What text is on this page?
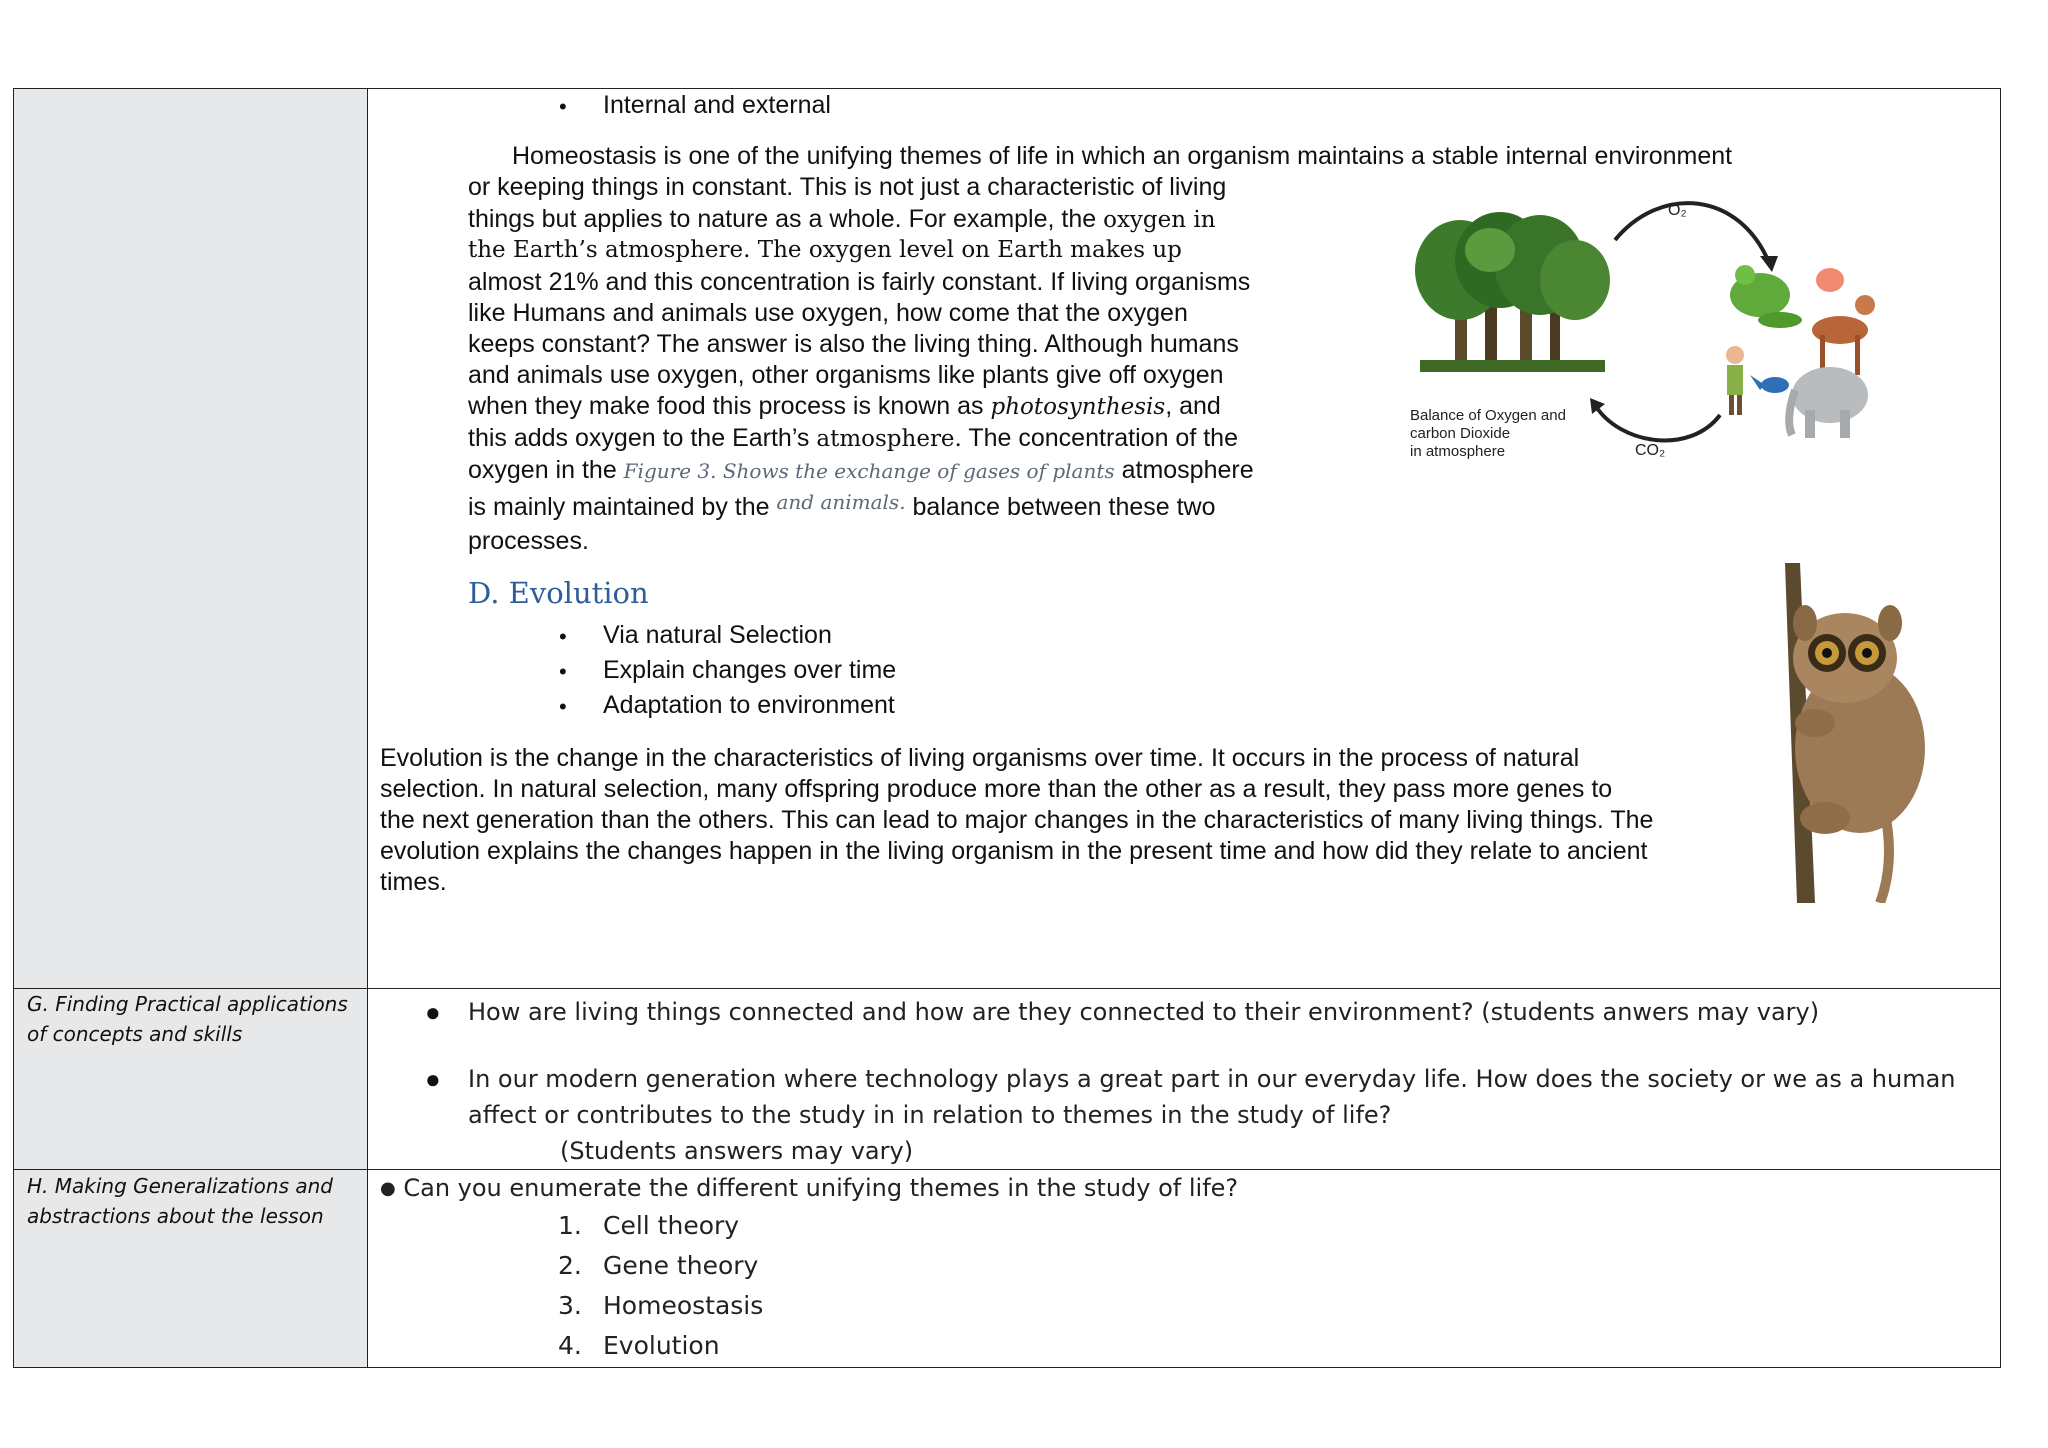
• Internal and external
Homeostasis is one of the unifying themes of life in which an organism maintains a stable internal environment
or keeping things in constant. This is not just a characteristic of living
things but applies to nature as a whole. For example, the oxygen in
the Earth’s atmosphere. The oxygen level on Earth makes up
almost 21% and this concentration is fairly constant. If living organisms
like Humans and animals use oxygen, how come that the oxygen
keeps constant? The answer is also the living thing. Although humans
and animals use oxygen, other organisms like plants give off oxygen
when they make food this process is known as photosynthesis, and
this adds oxygen to the Earth’s atmosphere. The concentration of the
oxygen in the Figure 3. Shows the exchange of gases of plants atmosphere
is mainly maintained by the $^{and animals.}$ balance between these two
processes.
O₂
CO₂
Balance of Oxygen and
carbon Dioxide
in atmosphere
D. Evolution
• Via natural Selection
• Explain changes over time
• Adaptation to environment
Evolution is the change in the characteristics of living organisms over time. It occurs in the process of natural
selection. In natural selection, many offspring produce more than the other as a result, they pass more genes to
the next generation than the others. This can lead to major changes in the characteristics of many living things. The
evolution explains the changes happen in the living organism in the present time and how did they relate to ancient
times.
G. Finding Practical applications
of concepts and skills
● How are living things connected and how are they connected to their environment? (students anwers may vary)
● In our modern generation where technology plays a great part in our everyday life. How does the society or we as a human
affect or contributes to the study in in relation to themes in the study of life?
(Students answers may vary)
H. Making Generalizations and
abstractions about the lesson
● Can you enumerate the different unifying themes in the study of life?
1. Cell theory
2. Gene theory
3. Homeostasis
4. Evolution
